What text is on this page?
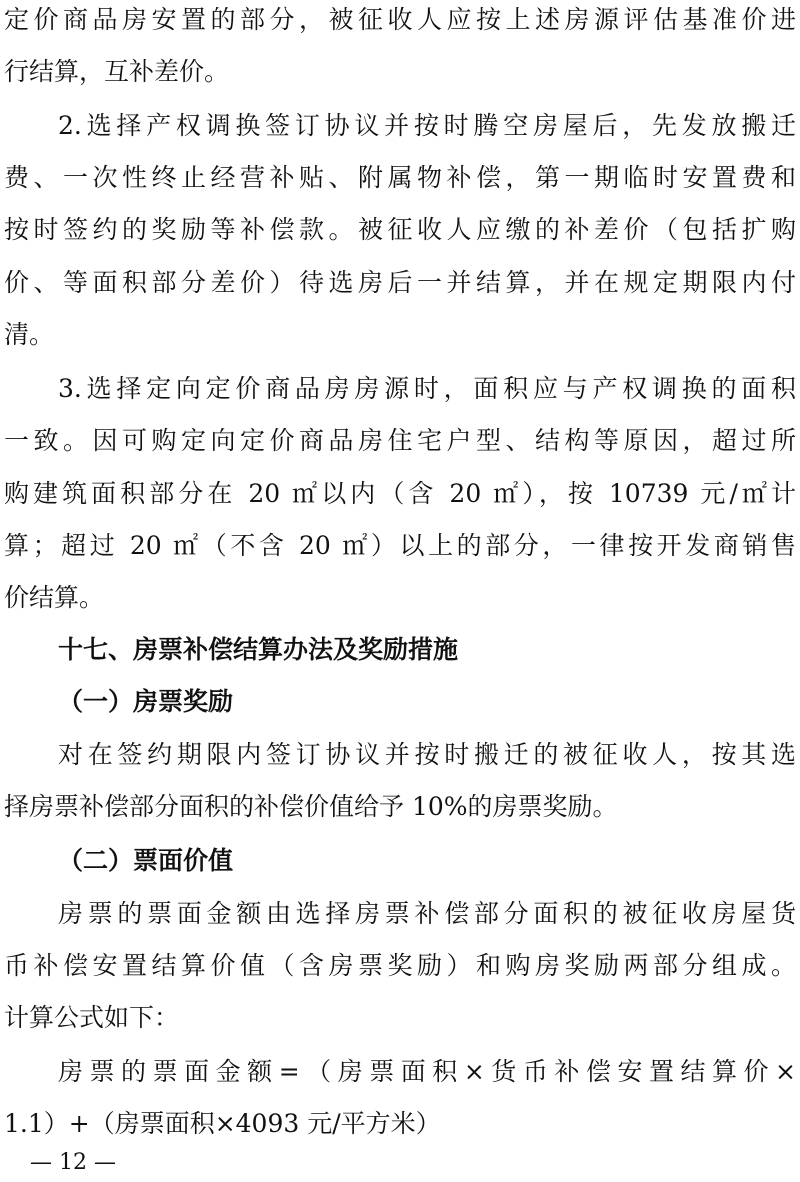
定价商品房安置的部分，被征收人应按上述房源评估基准价进
行结算，互补差价。
2.选择产权调换签订协议并按时腾空房屋后，先发放搬迁
费、一次性终止经营补贴、附属物补偿，第一期临时安置费和
按时签约的奖励等补偿款。被征收人应缴的补差价（包括扩购
价、等面积部分差价）待选房后一并结算，并在规定期限内付
清。
3.选择定向定价商品房房源时，面积应与产权调换的面积
一致。因可购定向定价商品房住宅户型、结构等原因，超过所
购建筑面积部分在 20 ㎡以内（含 20 ㎡），按 10739 元/㎡计
算；超过 20 ㎡（不含 20 ㎡）以上的部分，一律按开发商销售
价结算。
十七、房票补偿结算办法及奖励措施
（一）房票奖励
对在签约期限内签订协议并按时搬迁的被征收人，按其选
择房票补偿部分面积的补偿价值给予 10%的房票奖励。
（二）票面价值
房票的票面金额由选择房票补偿部分面积的被征收房屋货
币补偿安置结算价值（含房票奖励）和购房奖励两部分组成。
计算公式如下：
房票的票面金额=（房票面积×货币补偿安置结算价×
1.1）+（房票面积×4093 元/平方米）
— 12 —
